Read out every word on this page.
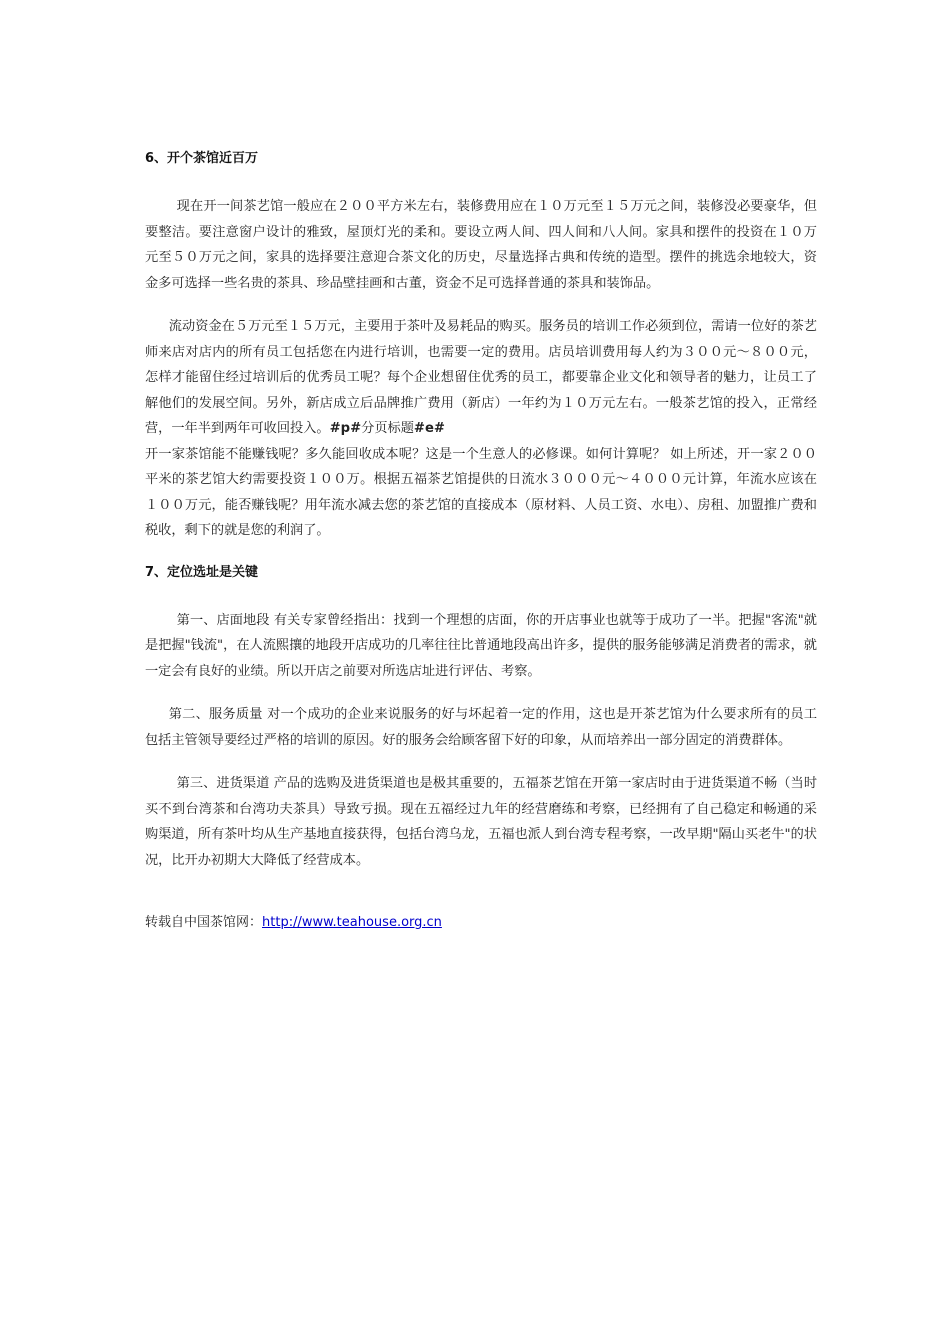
6、开个茶馆近百万

现在开一间茶艺馆一般应在２００平方米左右，装修费用应在１０万元至１５万元之间，装修没必要豪华，但要整洁。要注意窗户设计的雅致，屋顶灯光的柔和。要设立两人间、四人间和八人间。家具和摆件的投资在１０万元至５０万元之间，家具的选择要注意迎合茶文化的历史，尽量选择古典和传统的造型。摆件的挑选余地较大，资金多可选择一些名贵的茶具、珍品壁挂画和古董，资金不足可选择普通的茶具和装饰品。

流动资金在５万元至１５万元，主要用于茶叶及易耗品的购买。服务员的培训工作必须到位，需请一位好的茶艺师来店对店内的所有员工包括您在内进行培训，也需要一定的费用。店员培训费用每人约为３００元～８００元，怎样才能留住经过培训后的优秀员工呢？每个企业想留住优秀的员工，都要靠企业文化和领导者的魅力，让员工了解他们的发展空间。另外，新店成立后品牌推广费用（新店）一年约为１０万元左右。一般茶艺馆的投入，正常经营，一年半到两年可收回投入。#p#分页标题#e#

开一家茶馆能不能赚钱呢？多久能回收成本呢？这是一个生意人的必修课。如何计算呢？ 如上所述，开一家２００平米的茶艺馆大约需要投资１００万。根据五福茶艺馆提供的日流水３０００元～４０００元计算，年流水应该在１００万元，能否赚钱呢？用年流水减去您的茶艺馆的直接成本（原材料、人员工资、水电）、房租、加盟推广费和税收，剩下的就是您的利润了。

7、定位选址是关键

第一、店面地段 有关专家曾经指出：找到一个理想的店面，你的开店事业也就等于成功了一半。把握"客流"就是把握"钱流"，在人流熙攘的地段开店成功的几率往往比普通地段高出许多，提供的服务能够满足消费者的需求，就一定会有良好的业绩。所以开店之前要对所选店址进行评估、考察。

第二、服务质量 对一个成功的企业来说服务的好与坏起着一定的作用，这也是开茶艺馆为什么要求所有的员工包括主管领导要经过严格的培训的原因。好的服务会给顾客留下好的印象，从而培养出一部分固定的消费群体。

第三、进货渠道 产品的选购及进货渠道也是极其重要的，五福茶艺馆在开第一家店时由于进货渠道不畅（当时买不到台湾茶和台湾功夫茶具）导致亏损。现在五福经过九年的经营磨练和考察，已经拥有了自己稳定和畅通的采购渠道，所有茶叶均从生产基地直接获得，包括台湾乌龙，五福也派人到台湾专程考察，一改早期"隔山买老牛"的状况，比开办初期大大降低了经营成本。

转载自中国茶馆网：http://www.teahouse.org.cn
